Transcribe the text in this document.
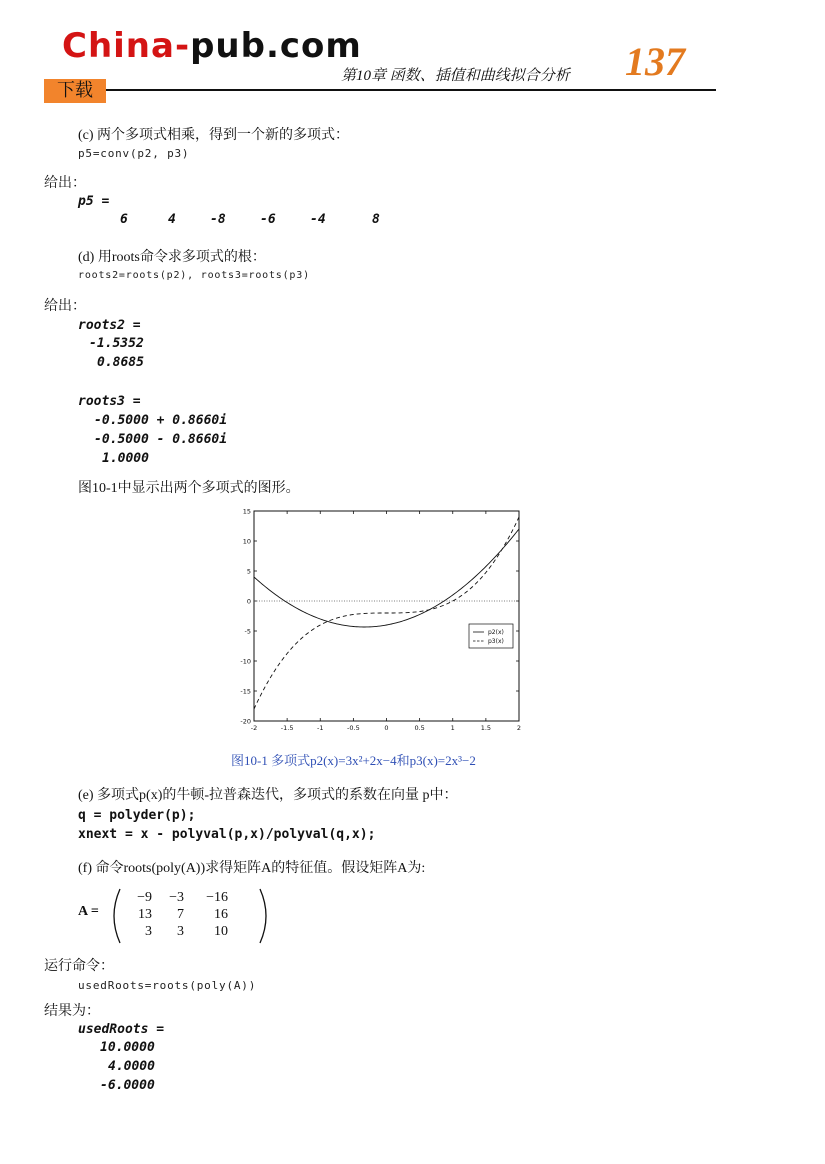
China-pub.com
下载
第10章 函数、插值和曲线拟合分析 137
(c) 两个多项式相乘，得到一个新的多项式：
p5=conv(p2, p3)
给出：
p5 =
6	4	-8	-6	-4	8
(d) 用roots命令求多项式的根：
roots2=roots(p2), roots3=roots(p3)
给出：
roots2 =
-1.5352
0.8685
roots3 =
-0.5000 + 0.8660i
-0.5000 - 0.8660i
1.0000
图10-1中显示出两个多项式的图形。
-2	-1.5	-1	-0.5	0	0.5	1	1.5	2
-20
-15
-10
-5
0
5
10
15
p2(x)
p3(x)
图10-1 多项式p2(x)=3x²+2x−4和p3(x)=2x³−2
(e) 多项式p(x)的牛顿-拉普森迭代，多项式的系数在向量 p中：
q = polyder(p);
xnext = x - polyval(p,x)/polyval(q,x);
(f) 命令roots(poly(A))求得矩阵A的特征值。假设矩阵A为:
A =
−9	−3	−16
13	7	16
3	3	10
运行命令：
usedRoots=roots(poly(A))
结果为：
usedRoots =
10.0000
4.0000
-6.0000
